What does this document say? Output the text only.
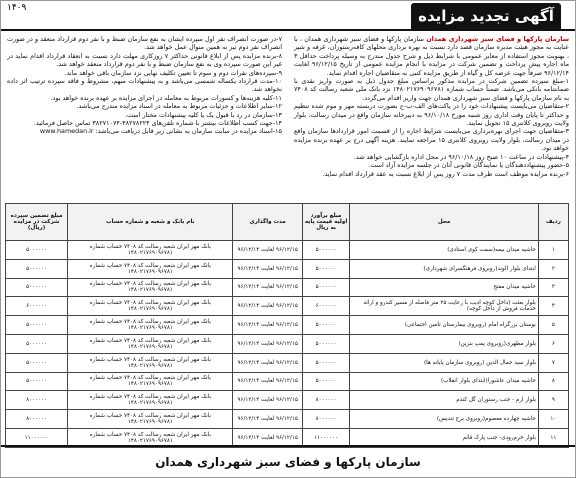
آگهی تجدید مزایده
۱۴۰۹

سازمان پارکها و فضای سبز شهرداری همدان سازمان پارکها و فضای سبز شهرداری همدان ، با عنایت به مجوز هیئت مدیره سازمان قصد دارد نسبت به بهره برداری محلهای کافه‌رستوران، غرفه و شیر ، بهنوبت مجوز استفاده از معابر عمومی با شرایط ذیل و شرح جدول مندرج به وسیله پرداخت حداقل ۳ ماه اجاره پیش پرداخت و تضمین شرکت در مزایده با انجام مزایده عمومی از تاریخ ۹۶/۱۲/۱۵ لغایت ۹۶/۱۲/۱۴ صرفاً جهت عرضه کل و گیاه از طریق مزایده کتبی به متقاضیان اجاره اقدام نماید.

۱-مبلغ سپرده تضمین شرکت در مزایده مذکور براساس مبلغ جدول ذیل به صورت واریز نقدی با ضمانتنامه بانکی می‌باشد. ضمناً حساب شماره ۱۴۸۰۲۱۷۶۹۰۹۶۷۸۱ نزد بانک ملی شعبه رسالت کد ۷۴۰۸ به نام سازمان پارکها و فضای سبز شهرداری همدان جهت واریز اقدام می‌گردد.

۲-متقاضیان می‌بایست پیشنهادات خود را در پاکت‌های الف-ب-ج بصورت دربسته مهر و موم شده تنظیم و حداکثر تا پایان وقت اداری روز شنبه مورخ ۹۶/۱۰/۱۸ به دبیرخانه سازمان واقع در میدان رسالت، بلوار ولایت روبروی کلانتری ۱۵ تحویل نمایند.

۳-متقاضیان جهت اجرای بهره‌برداری می‌بایست شرایط اجاره را از قسمت امور قراردادها سازمان واقع در میدان رسالت، بلوار ولایت روبروی کلانتری ۱۵ مراجعه نمایند. هزینه آگهی درج بر عهده برنده مزایده خواهد بود.

۴-پیشنهادات در ساعت ۱۰ صبح روز ۹۶/۱۰/۱۸ در محل اداره بازگشایی خواهد شد.

۵-حضور پیشنهاددهندگان یا نمایندگان قانونی آنان در جلسه مزایده آزاد است.

۶-برنده مزایده موظف است ظرف مدت ۷ روز پس از ابلاغ نسبت به عقد قرارداد اقدام نماید.

۷-در صورت انصراف نفر اول سپرده ایشان به نفع سازمان ضبط و با نفر دوم قرارداد منعقد و در صورت انصراف نفر دوم نیز به همین منوال عمل خواهد شد.

۸-برنده مزایده پس از ابلاغ قانونی حداکثر ۷ روزکاری مهلت دارد نسبت به انعقاد قرارداد اقدام نماید در غیر این صورت سپرده وی به نفع سازمان ضبط و با نفر دوم قرارداد منعقد خواهد شد.

۹-سپرده‌های نفرات دوم و سوم تا تعیین تکلیف نهایی نزد سازمان باقی خواهد ماند.

۱۰-مدت قرارداد یکساله شمسی می‌باشد و به پیشنهادات مبهم، مشروط و فاقد سپرده ترتیب اثر داده نخواهد شد.

۱۱-کلیه هزینه‌ها و کسورات مربوط به معامله در اجرای مزایده بر عهده برنده خواهد بود.

۱۲-سایر اطلاعات و جزئیات مربوط به معامله در اسناد مزایده مندرج می‌باشد.

۱۳-سازمان در رد یا قبول یک یا کلیه پیشنهادات مختار است.

۱۴-جهت کسب اطلاعات بیشتر با شماره تلفن‌های ۳۸۲۷۸۲۲۴-۳۸۲۷۱۰۷۴ تماس حاصل فرمائید.

۱۵-اسناد مزایده در سایت سازمان به نشانی زیر قابل دریافت می‌باشد: www.hamedan.ir

ردیف	محل	مبلغ برآورد اولیه قیمت پایه به ریال	مدت واگذاری	نام بانک و شعبه و شماره حساب	مبلغ تضمین سپرده شرکت در مزایده (ریال)
۱	حاشیه میدان بیمه(سمت کوی استادی)	۵۰۰۰۰۰۰	۹۶/۱۲/۱۵ لغایت ۹۶/۱۲/۱۴	بانک مهر ایران شعبه رسالت کد ۷۴۰۸ حساب شماره ۱۴۸۰۲۱۷۶۹۰۹۶۷۸۱	۵۰۰۰۰۰۰
۲	ابتدای بلوار الوند(روبروی فرهنگسرای شهرداری)	۵۰۰۰۰۰۰	۹۶/۱۲/۱۵ لغایت ۹۶/۱۲/۱۴	بانک مهر ایران شعبه رسالت کد ۷۴۰۸ حساب شماره ۱۴۸۰۲۱۷۶۹۰۹۶۷۸۱	۵۰۰۰۰۰۰
۳	حاشیه میدان مفتح	۵۰۰۰۰۰۰	۹۶/۱۲/۱۵ لغایت ۹۶/۱۲/۱۴	بانک مهر ایران شعبه رسالت کد ۷۴۰۸ حساب شماره ۱۴۸۰۲۱۷۶۹۰۹۶۷۸۱	۵۰۰۰۰۰۰
۴	بلوار بعثت (داخل کوچه ادیب با رعایت ۲۵ متر فاصله از مسیر کندرو و ارائه خدمات فروش از داخل کوچه)	۶۰۰۰۰۰۰	۹۶/۱۲/۱۵ لغایت ۹۶/۱۲/۱۴	بانک مهر ایران شعبه رسالت کد ۷۴۰۸ حساب شماره ۱۴۸۰۲۱۷۶۹۰۹۶۷۸۱	۶۰۰۰۰۰۰
۵	بوستان بزرگراه امام (روبروی بیمارستان تامین اجتماعی)	۵۰۰۰۰۰۰	۹۶/۱۲/۱۵ لغایت ۹۶/۱۲/۱۴	بانک مهر ایران شعبه رسالت کد ۷۴۰۸ حساب شماره ۱۴۸۰۲۱۷۶۹۰۹۶۷۸۱	۵۰۰۰۰۰۰
۶	بلوار مطهری(روبروی پمپ بنزین)	۵۰۰۰۰۰۰	۹۶/۱۲/۱۵ لغایت ۹۶/۱۲/۱۴	بانک مهر ایران شعبه رسالت کد ۷۴۰۸ حساب شماره ۱۴۸۰۲۱۷۶۹۰۹۶۷۸۱	۵۰۰۰۰۰۰
۷	بلوار سید جمال الدین (روبروی سازمان پایانه ها)	۵۰۰۰۰۰۰	۹۶/۱۲/۱۵ لغایت ۹۶/۱۲/۱۴	بانک مهر ایران شعبه رسالت کد ۷۴۰۸ حساب شماره ۱۴۸۰۲۱۷۶۹۰۹۶۷۸۱	۵۰۰۰۰۰۰
۸	حاشیه میدان عاشورا(ابتدای بلوار انقلاب)	۵۰۰۰۰۰۰	۹۶/۱۲/۱۵ لغایت ۹۶/۱۲/۱۴	بانک مهر ایران شعبه رسالت کد ۷۴۰۸ حساب شماره ۱۴۸۰۲۱۷۶۹۰۹۶۷۸۱	۵۰۰۰۰۰۰
۹	بلوار ارم - جنب رستوران گل کندم	۸۰۰۰۰۰۰	۹۶/۱۲/۱۵ لغایت ۹۶/۱۲/۱۴	بانک مهر ایران شعبه رسالت کد ۷۴۰۸ حساب شماره ۱۴۸۰۲۱۷۶۹۰۹۶۷۸۱	۸۰۰۰۰۰۰
۱۰	حاشیه چهارده معصوم(روبروی برج تندیس)	۸۰۰۰۰۰۰	۹۶/۱۲/۱۵ لغایت ۹۶/۱۲/۱۴	بانک مهر ایران شعبه رسالت کد ۷۴۰۸ حساب شماره ۱۴۸۰۲۱۷۶۹۰۹۶۷۸۱	۸۰۰۰۰۰۰
۱۱	بلوار خرم‌رودی- جنب پارک قائم	۱۱۰۰۰۰۰۰	۹۶/۱۲/۱۵ لغایت ۹۶/۱۲/۱۴	بانک مهر ایران شعبه رسالت کد ۷۴۰۸ حساب شماره ۱۴۸۰۲۱۷۶۹۰۹۶۷۸۱	۱۱۰۰۰۰۰۰
سازمان پارکها و فضای سبز شهرداری همدان
